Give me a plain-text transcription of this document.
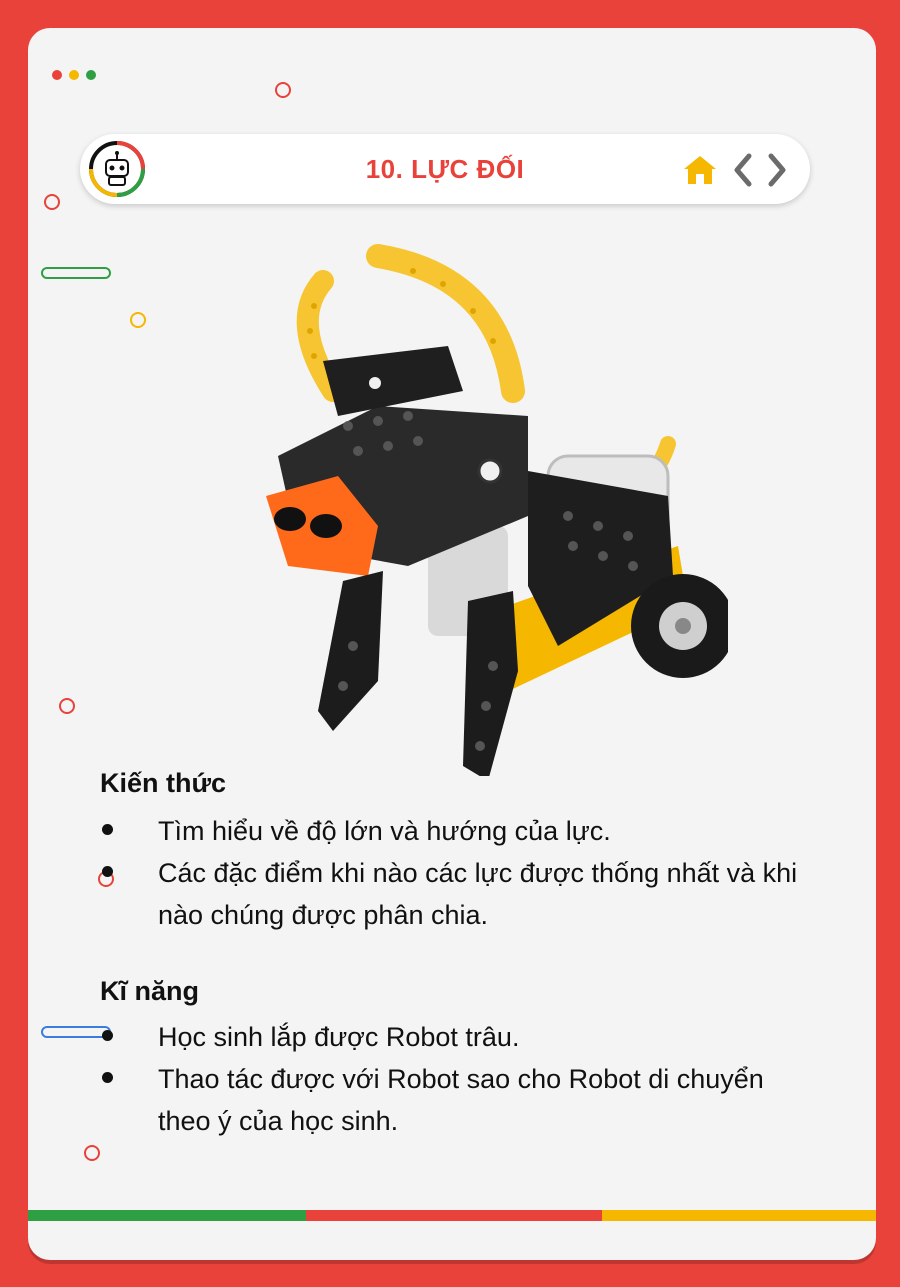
10. LỰC ĐỐI
Kiến thức
Tìm hiểu về độ lớn và hướng của lực.
Các đặc điểm khi nào các lực được thống nhất và khi nào chúng được phân chia.
Kĩ năng
Học sinh lắp được Robot trâu.
Thao tác được với Robot sao cho Robot di chuyển theo ý của học sinh.
